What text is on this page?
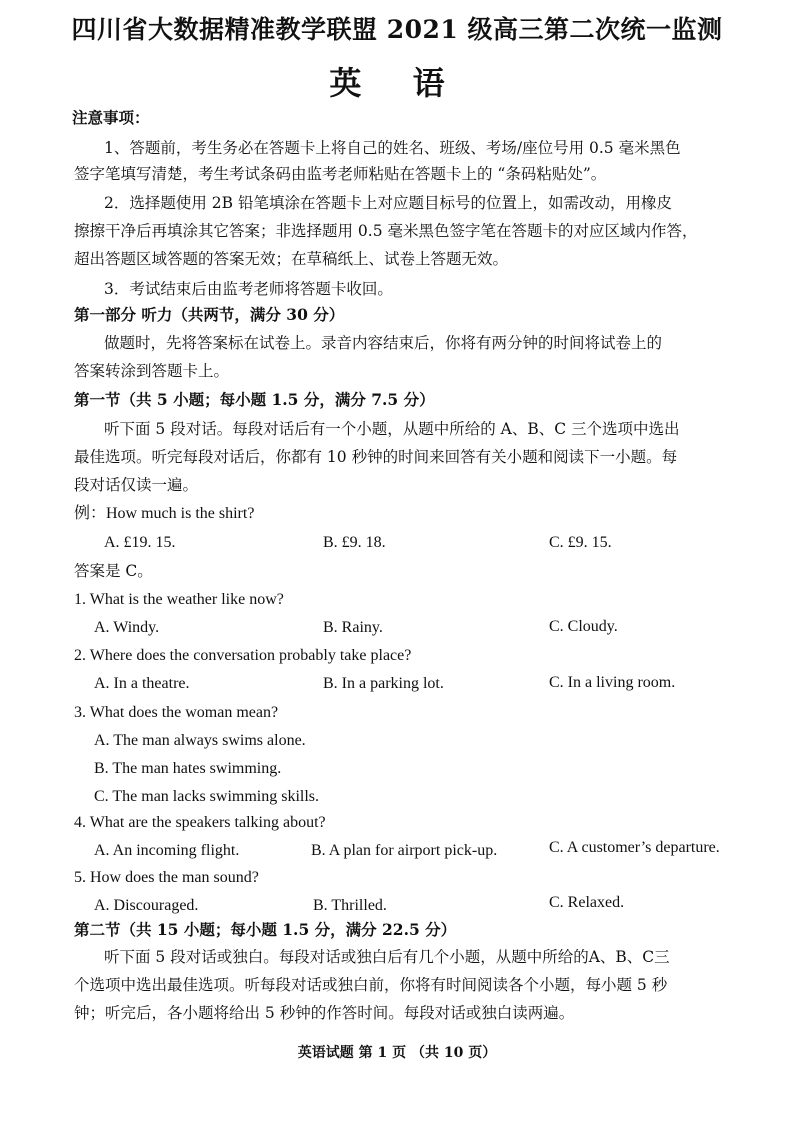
四川省大数据精准教学联盟 2021 级高三第二次统一监测
英 语
注意事项：
1、答题前，考生务必在答题卡上将自己的姓名、班级、考场/座位号用 0.5 毫米黑色
签字笔填写清楚，考生考试条码由监考老师粘贴在答题卡上的 “条码粘贴处”。
2．选择题使用 2B 铅笔填涂在答题卡上对应题目标号的位置上，如需改动，用橡皮
擦擦干净后再填涂其它答案；非选择题用 0.5 毫米黑色签字笔在答题卡的对应区域内作答，
超出答题区域答题的答案无效；在草稿纸上、试卷上答题无效。
3．考试结束后由监考老师将答题卡收回。
第一部分 听力（共两节，满分 30 分）
做题时，先将答案标在试卷上。录音内容结束后，你将有两分钟的时间将试卷上的
答案转涂到答题卡上。
第一节（共 5 小题；每小题 1.5 分，满分 7.5 分）
听下面 5 段对话。每段对话后有一个小题，从题中所给的 A、B、C 三个选项中选出
最佳选项。听完每段对话后，你都有 10 秒钟的时间来回答有关小题和阅读下一小题。每
段对话仅读一遍。
例：How much is the shirt?
A. £19. 15.	B. £9. 18.	C. £9. 15.
答案是 C。
1. What is the weather like now?
A. Windy.	B. Rainy.	C. Cloudy.
2. Where does the conversation probably take place?
A. In a theatre.	B. In a parking lot.	C. In a living room.
3. What does the woman mean?
A. The man always swims alone.
B. The man hates swimming.
C. The man lacks swimming skills.
4. What are the speakers talking about?
A. An incoming flight.	B. A plan for airport pick-up.	C. A customer’s departure.
5. How does the man sound?
A. Discouraged.	B. Thrilled.	C. Relaxed.
第二节（共 15 小题；每小题 1.5 分，满分 22.5 分）
听下面 5 段对话或独白。每段对话或独白后有几个小题，从题中所给的A、B、C三
个选项中选出最佳选项。听每段对话或独白前，你将有时间阅读各个小题，每小题 5 秒
钟；听完后，各小题将给出 5 秒钟的作答时间。每段对话或独白读两遍。
英语试题 第 1 页 （共 10 页）
